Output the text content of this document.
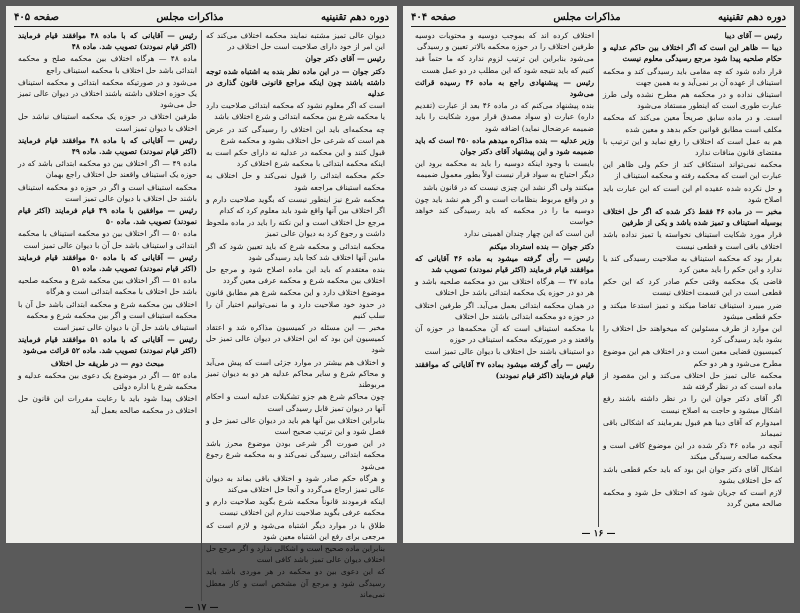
دوره دهم تقنینیه
مذاکرات مجلس
صفحه ۴۰۵

دیوان عالی تمیز مشتبه نمایند محکمه اختلاف می‌کند که این امر از خود دارای صلاحیت است حل اختلاف در

رئیس — آقای دکتر جوان

دکتر جوان — در این ماده نظر بنده به اشتباه شده توجه داشته باشند چون اینکه مراجع قانونی قانون گذاری در عدلیه

است که اگر معلوم نشود که محکمه ابتدائی صلاحیت دارد یا محکمه شرع بین محکمه ابتدائی و شرع اختلاف باشد

چه محکمه‌ای باید این اختلاف را رسیدگی کند در عرض هم است که شرعی حل اختلاف بشود و محکمه شرع

قبول کنند و این محکمه در عدلیه نه دارای حکم است به اینکه محکمه ابتدائی با محکمه شرع اختلاف کرد

حکم محکمه ابتدائی را قبول نمی‌کند و حل اختلاف به محکمه استیناف مراجعه شود

محکمه شرع نیز اینطور نیست که بگوید صلاحیت دارم و اگر اختلاف بین آنها واقع شود باید معلوم کرد که کدام

مرجع حل اختلاف است و این نکته را باید در ماده ملحوظ داشت و رجوع کرد به دیوان عالی تمیز

محکمه ابتدائی و محکمه شرع که باید تعیین شود که اگر مابین آنها اختلاف شد کجا باید رسیدگی شود

بنده معتقدم که باید این ماده اصلاح شود و مرجع حل اختلاف بین محکمه شرع و محکمه عرفی معین گردد

موضوع اختلاف دارد و این محکمه شرع هم مطابق قانون در حدود خود صلاحیت دارد و ما نمی‌توانیم اختیار آن را سلب کنیم

مخبر — این مسئله در کمیسیون مذاکره شد و اعتقاد کمیسیون این بود که این اختلاف در دیوان عالی تمیز حل شود

و اختلاف هم بیشتر در موارد جزئی است که پیش می‌آید و محاکم شرع و سایر محاکم عدلیه هر دو به دیوان تمیز مربوطند

چون محاکم شرع هم جزو تشکیلات عدلیه است و احکام آنها در دیوان تمیز قابل رسیدگی است

بنابراین اختلاف بین آنها هم باید در دیوان عالی تمیز حل و فصل شود و این ترتیب صحیح است

در این صورت اگر شرعی بودن موضوع محرز باشد محکمه ابتدائی رسیدگی نمی‌کند و به محکمه شرع رجوع می‌شود

و هرگاه حکم صادر شود و اختلاف باقی بماند به دیوان عالی تمیز ارجاع می‌گردد و آنجا حل اختلاف می‌کند

اینکه فرمودند قانوناً محکمه شرع بگوید صلاحیت دارم و محکمه عرفی بگوید صلاحیت ندارم این اختلاف نیست

طلاق با در موارد دیگر اشتباه می‌شود و لازم است که مرجعی برای رفع این اشتباه معین شود

بنابراین ماده صحیح است و اشکالی ندارد و اگر مرجع حل اختلاف دیوان عالی تمیز باشد کافی است

که این دعوی بین دو محکمه در هر موردی باشد باید رسیدگی شود و مرجع آن مشخص است و کار معطل نمی‌ماند

رئیس — آقایانی که با ماده ۴۸ موافقند قیام فرمایند (اکثر قیام نمودند) تصویب شد. ماده ۴۸

ماده ۴۸ — هرگاه اختلاف بین محکمه صلح و محکمه ابتدائی باشد حل اختلاف با محکمه استیناف راجع

می‌شود و در صورتیکه محکمه ابتدائی و محکمه استیناف یک حوزه اختلاف داشته باشند اختلاف در دیوان عالی تمیز حل می‌شود

طرفین اختلاف در حوزه یک محکمه استیناف نباشد حل اختلاف با دیوان تمیز است

رئیس — آقایانی که با ماده ۴۸ موافقند قیام فرمایند (اکثر قیام نمودند) تصویب شد. ماده ۴۹

ماده ۴۹ — اگر اختلاف بین دو محکمه ابتدائی باشد که در حوزه یک استیناف واقعند حل اختلاف راجع بهمان

محکمه استیناف است و اگر در حوزه دو محکمه استیناف باشند حل اختلاف با دیوان عالی تمیز است

رئیس — موافقین با ماده ۴۹ قیام فرمایند (اکثر قیام نمودند) تصویب شد. ماده ۵۰

ماده ۵۰ — اگر اختلاف بین دو محکمه استیناف با محکمه ابتدائی و استیناف باشد حل آن با دیوان عالی تمیز است

رئیس — آقایانی که با ماده ۵۰ موافقند قیام فرمایند (اکثر قیام نمودند) تصویب شد. ماده ۵۱

ماده ۵۱ — اگر اختلاف بین محکمه شرع و محکمه صلحیه باشد حل اختلاف با محکمه ابتدائی است و هرگاه

اختلاف بین محکمه شرع و محکمه ابتدائی باشد حل آن با محکمه استیناف است و اگر بین محکمه شرع و محکمه

استیناف باشد حل آن با دیوان عالی تمیز است

رئیس — آقایانی که با ماده ۵۱ موافقند قیام فرمایند (اکثر قیام نمودند) تصویب شد. ماده ۵۲ قرائت می‌شود

مبحث دوم — در طریقه حل اختلاف

ماده ۵۲ — اگر در موضوع یک دعوی بین محکمه عدلیه و محکمه شرع یا اداره دولتی

اختلاف پیدا شود باید با رعایت مقررات این قانون حل اختلاف در محکمه صالحه بعمل آید

— ۱۷ —
دوره دهم تقنینیه
مذاکرات مجلس
صفحه ۴۰۴

رئیس — آقای دیبا

دیبا — ظاهر این است که اگر اختلاف بین حاکم عدلیه و حکام صلحیه پیدا شود مرجع رسیدگی معلوم نیست

قرار داده شود که چه مقامی باید رسیدگی کند و محکمه استیناف از عهده آن بر نمی‌آید و به همین جهت

استیناف نداده و در محکمه هم مطرح نشده ولی طرز عبارت طوری است که اینطور مستفاد می‌شود

است. و در ماده سابق صریحاً معین می‌کند که محکمه مکلف است مطابق قوانین حکم بدهد و معین شده

هم به عمل است که اختلاف را رفع نماید و این ترتیب با مقتضای قانون منافات ندارد

محکمه نمی‌تواند استنکاف کند از حکم ولی ظاهر این عبارت این است که محکمه رفته و محکمه استیناف از

و حل نکرده شده عقیده ام این است که این عبارت باید اصلاح شود

مخبر — در ماده ۴۶ فقط ذکر شده که اگر حل اختلاف بوسیله استیناف و تمیز شده باشد و یکی از طرفین

قرار مورد شکایت استیناف نخواسته یا تمیز نداده باشد اختلاف باقی است و قطعی نیست

بقرار بود که محکمه استیناف به صلاحیت رسیدگی کند یا ندارد و این حکم را باید معین کرد

قاضی یک محکمه وقتی حکم صادر کرد که این حکم قطعی است در این قسمت اختلاف نیست

ضرر میبرد استیناف تقاضا میکند و تمیز استدعا میکند و حکم قطعی میشود

این موارد از طرف مسئولین که میخواهند حل اختلاف را بشود باید رسیدگی کرد

کمیسیون قضایی معین است و در اختلاف هم این موضوع مطرح می‌شود و هر دو حکم

محکمه عالی تمیز حل اختلاف می‌کند و این مقصود از ماده است که در نظر گرفته شد

اگر آقای دکتر جوان این را در نظر داشته باشند رفع اشکال میشود و حاجت به اصلاح نیست

امیدوارم که آقای دیبا هم قبول بفرمایند که اشکالی باقی نمیماند

آنچه در ماده ۴۶ ذکر شده در این موضوع کافی است و محکمه صالحه رسیدگی میکند

اشکال آقای دکتر جوان این بود که باید حکم قطعی باشد که حل اختلاف بشود

لازم است که جریان شود که اختلاف حل شود و محکمه صالحه معین گردد

اختلاف کرده اند که بموجب دوسیه و محتویات دوسیه طرفین اختلاف را در حوزه محکمه بالاتر تعیین و رسیدگی

می‌شود بنابراین این ترتیب لزوم ندارد که ما حتماً قید کنیم که باید نتیجه شود که این مطلب در دو عمل هست

رئیس — پیشنهادی راجع به ماده ۴۶ رسیده قرائت می‌شود

بنده پیشنهاد می‌کنم که در ماده ۴۶ بعد از عبارت (تقدیم داره) عبارت (و سواد مصدق قرار مورد شکایت را باید ضمیمه عرضحال نماید) اضافه شود

وزیر عدلیه — بنده مذاکره میدهم ماده ۴۵۰ است که باید ضمیمه شود و این پیشنهاد آقای دکتر جوان

بایست با وجود اینکه دوسیه را باید به محکمه برود این دیگر احتیاج به سواد قرار نیست اولاً بطور معمول ضمیمه

میکنند ولی اگر نشد این چیزی نیست که در قانون باشد

و در واقع مربوط بنظامات است و اگر هم نشد باید چون دوسیه ما را در محکمه که باید رسیدگی کند خواهد خواست

این است که این چهار چندان اهمیتی ندارد

دکتر جوان — بنده استرداد میکنم

رئیس — رأی گرفته میشود به ماده ۴۶ آقایانی که موافقند قیام فرمایند (اکثر قیام نمودند) تصویب شد

ماده ۴۷ — هرگاه اختلاف بین دو محکمه صلحیه باشد و هر دو در حوزه یک محکمه ابتدائی باشد حل اختلاف

در همان محکمه ابتدائی بعمل می‌آید. اگر طرفین اختلاف در حوزه دو محکمه ابتدائی باشند حل اختلاف

با محکمه استیناف است که آن محکمه‌ها در حوزه آن واقعند و در صورتیکه محکمه استیناف در حوزه

دو استیناف باشند حل اختلاف با دیوان عالی تمیز است

رئیس — رأی گرفته میشود بماده ۴۷ آقایانی که موافقند قیام فرمایند (اکثر قیام نمودند)

— ۱۶ —
